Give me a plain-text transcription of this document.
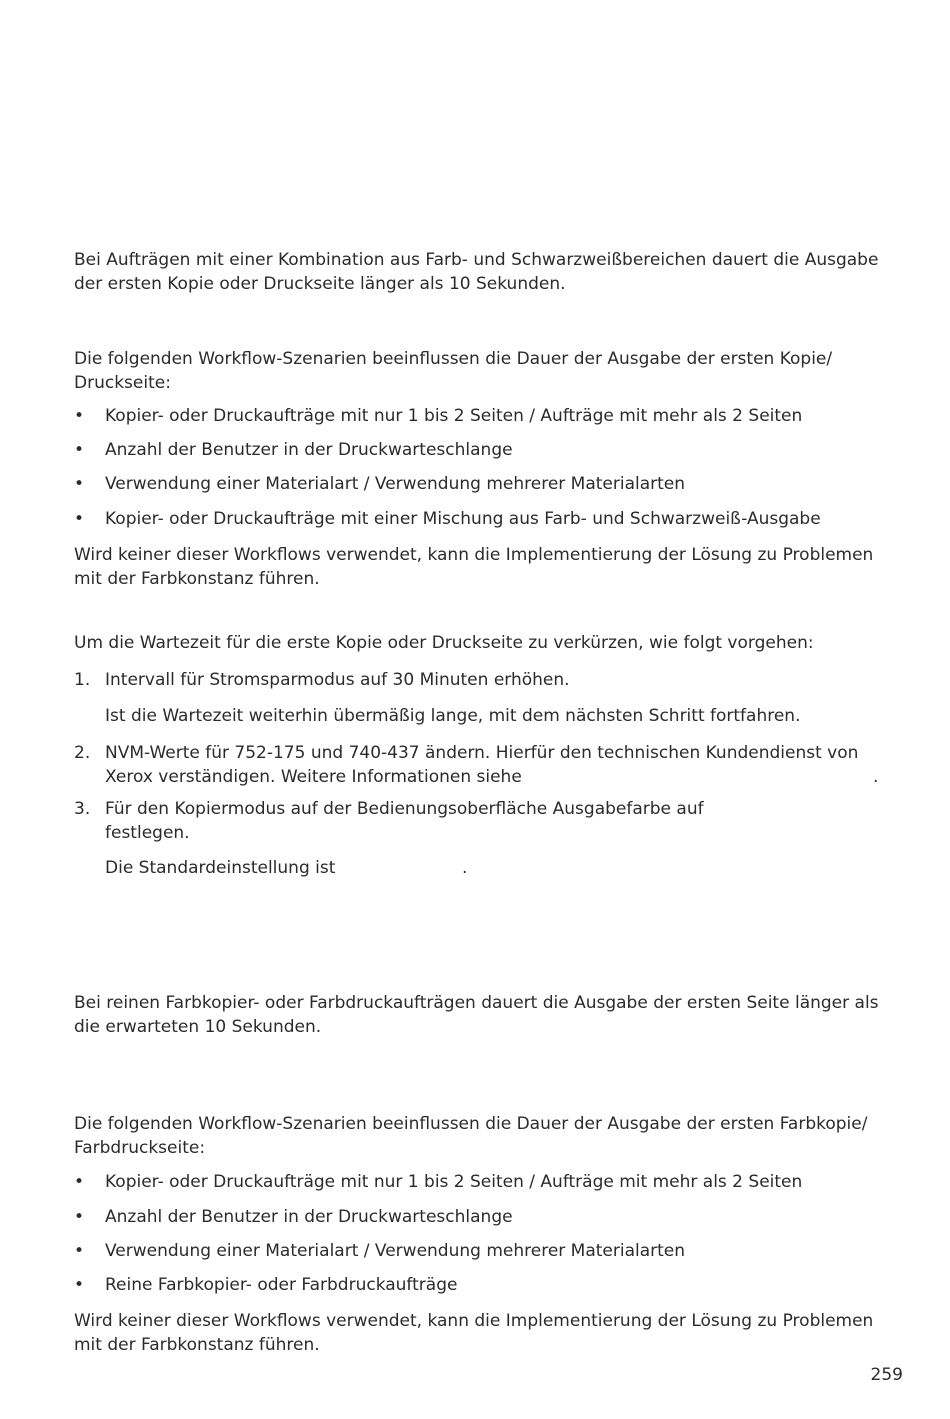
Bei Aufträgen mit einer Kombination aus Farb- und Schwarzweißbereichen dauert die Ausgabe der ersten Kopie oder Druckseite länger als 10 Sekunden.

Die folgenden Workflow-Szenarien beeinflussen die Dauer der Ausgabe der ersten Kopie/ Druckseite:

•	Kopier- oder Druckaufträge mit nur 1 bis 2 Seiten / Aufträge mit mehr als 2 Seiten
•	Anzahl der Benutzer in der Druckwarteschlange
•	Verwendung einer Materialart / Verwendung mehrerer Materialarten
•	Kopier- oder Druckaufträge mit einer Mischung aus Farb- und Schwarzweiß-Ausgabe

Wird keiner dieser Workflows verwendet, kann die Implementierung der Lösung zu Problemen mit der Farbkonstanz führen.

Um die Wartezeit für die erste Kopie oder Druckseite zu verkürzen, wie folgt vorgehen:

1. Intervall für Stromsparmodus auf 30 Minuten erhöhen.

Ist die Wartezeit weiterhin übermäßig lange, mit dem nächsten Schritt fortfahren.

2. NVM-Werte für 752-175 und 740-437 ändern. Hierfür den technischen Kundendienst von Xerox verständigen. Weitere Informationen siehe	.
3. Für den Kopiermodus auf der Bedienungsoberfläche Ausgabefarbe auf
festlegen.

Die Standardeinstellung ist	.

Bei reinen Farbkopier- oder Farbdruckaufträgen dauert die Ausgabe der ersten Seite länger als die erwarteten 10 Sekunden.

Die folgenden Workflow-Szenarien beeinflussen die Dauer der Ausgabe der ersten Farbkopie/ Farbdruckseite:

•	Kopier- oder Druckaufträge mit nur 1 bis 2 Seiten / Aufträge mit mehr als 2 Seiten
•	Anzahl der Benutzer in der Druckwarteschlange
•	Verwendung einer Materialart / Verwendung mehrerer Materialarten
•	Reine Farbkopier- oder Farbdruckaufträge

Wird keiner dieser Workflows verwendet, kann die Implementierung der Lösung zu Problemen mit der Farbkonstanz führen.

259
